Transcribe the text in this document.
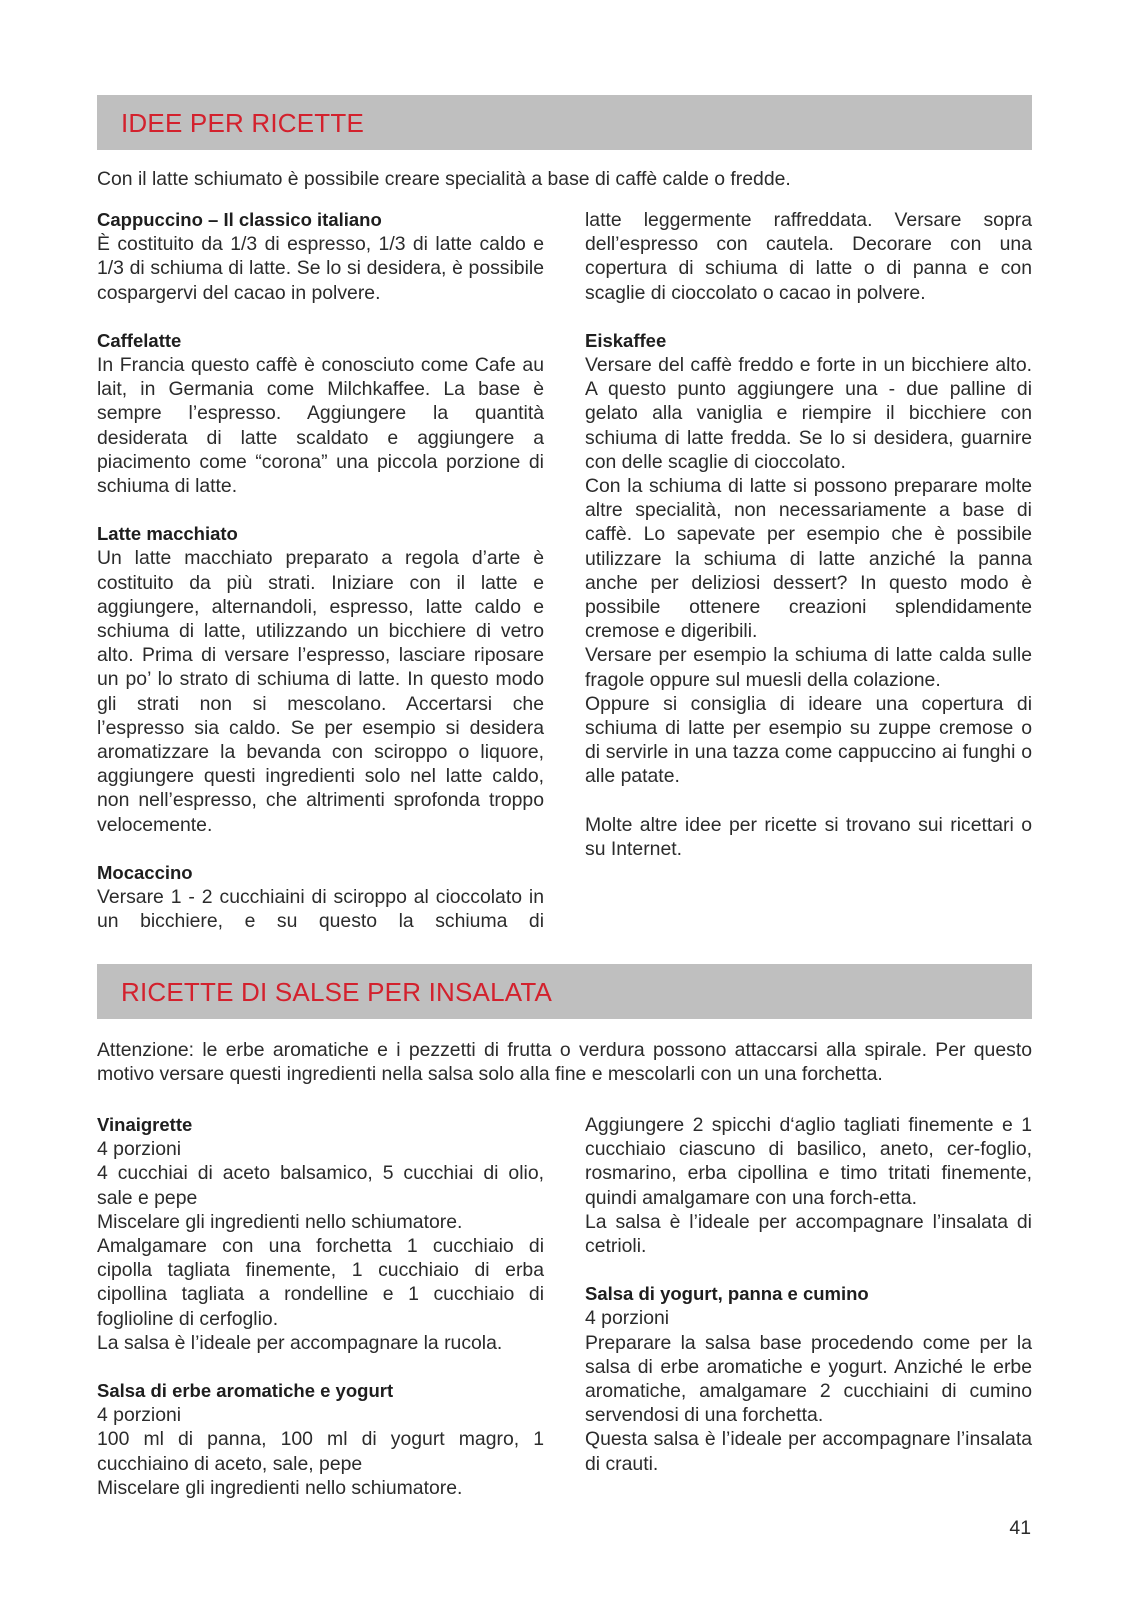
IDEE PER RICETTE

Con il latte schiumato è possibile creare specialità a base di caffè calde o fredde.

Cappuccino – Il classico italiano

È costituito da 1/3 di espresso, 1/3 di latte caldo e 1/3 di schiuma di latte. Se lo si desidera, è possibile cospargervi del cacao in polvere.

Caffelatte

In Francia questo caffè è conosciuto come Cafe au lait, in Germania come Milchkaffee. La base è sempre l’espresso. Aggiungere la quantità desiderata di latte scaldato e aggiungere a piacimento come “corona” una piccola porzione di schiuma di latte.

Latte macchiato

Un latte macchiato preparato a regola d’arte è costituito da più strati. Iniziare con il latte e aggiungere, alternandoli, espresso, latte caldo e schiuma di latte, utilizzando un bicchiere di vetro alto. Prima di versare l’espresso, lasciare riposare un po’ lo strato di schiuma di latte. In questo modo gli strati non si mescolano. Accertarsi che l’espresso sia caldo. Se per esempio si desidera aromatizzare la bevanda con sciroppo o liquore, aggiungere questi ingredienti solo nel latte caldo, non nell’espresso, che altrimenti sprofonda troppo velocemente.

Mocaccino

Versare 1 - 2 cucchiaini di sciroppo al cioccolato in un bicchiere, e su questo la schiuma di

latte leggermente raffreddata. Versare sopra dell’espresso con cautela. Decorare con una copertura di schiuma di latte o di panna e con scaglie di cioccolato o cacao in polvere.

Eiskaffee

Versare del caffè freddo e forte in un bicchiere alto. A questo punto aggiungere una - due palline di gelato alla vaniglia e riempire il bicchiere con schiuma di latte fredda. Se lo si desidera, guarnire con delle scaglie di cioccolato.

Con la schiuma di latte si possono preparare molte altre specialità, non necessariamente a base di caffè. Lo sapevate per esempio che è possibile utilizzare la schiuma di latte anziché la panna anche per deliziosi dessert? In questo modo è possibile ottenere creazioni splendidamente cremose e digeribili.

Versare per esempio la schiuma di latte calda sulle fragole oppure sul muesli della colazione.

Oppure si consiglia di ideare una copertura di schiuma di latte per esempio su zuppe cremose o di servirle in una tazza come cappuccino ai funghi o alle patate.

Molte altre idee per ricette si trovano sui ricettari o su Internet.

RICETTE DI SALSE PER INSALATA

Attenzione: le erbe aromatiche e i pezzetti di frutta o verdura possono attaccarsi alla spirale. Per questo motivo versare questi ingredienti nella salsa solo alla fine e mescolarli con un una forchetta.

Vinaigrette

4 porzioni

4 cucchiai di aceto balsamico, 5 cucchiai di olio, sale e pepe

Miscelare gli ingredienti nello schiumatore.

Amalgamare con una forchetta 1 cucchiaio di cipolla tagliata finemente, 1 cucchiaio di erba cipollina tagliata a rondelline e 1 cucchiaio di foglioline di cerfoglio.

La salsa è l’ideale per accompagnare la rucola.

Salsa di erbe aromatiche e yogurt

4 porzioni

100 ml di panna, 100 ml di yogurt magro, 1 cucchiaino di aceto, sale, pepe

Miscelare gli ingredienti nello schiumatore.

Aggiungere 2 spicchi d‘aglio tagliati finemente e 1 cucchiaio ciascuno di basilico, aneto, cer-foglio, rosmarino, erba cipollina e timo tritati finemente, quindi amalgamare con una forch-etta.

La salsa è l’ideale per accompagnare l’insalata di cetrioli.

Salsa di yogurt, panna e cumino

4 porzioni

Preparare la salsa base procedendo come per la salsa di erbe aromatiche e yogurt. Anziché le erbe aromatiche, amalgamare 2 cucchiaini di cumino servendosi di una forchetta.

Questa salsa è l’ideale per accompagnare l’insalata di crauti.

41
